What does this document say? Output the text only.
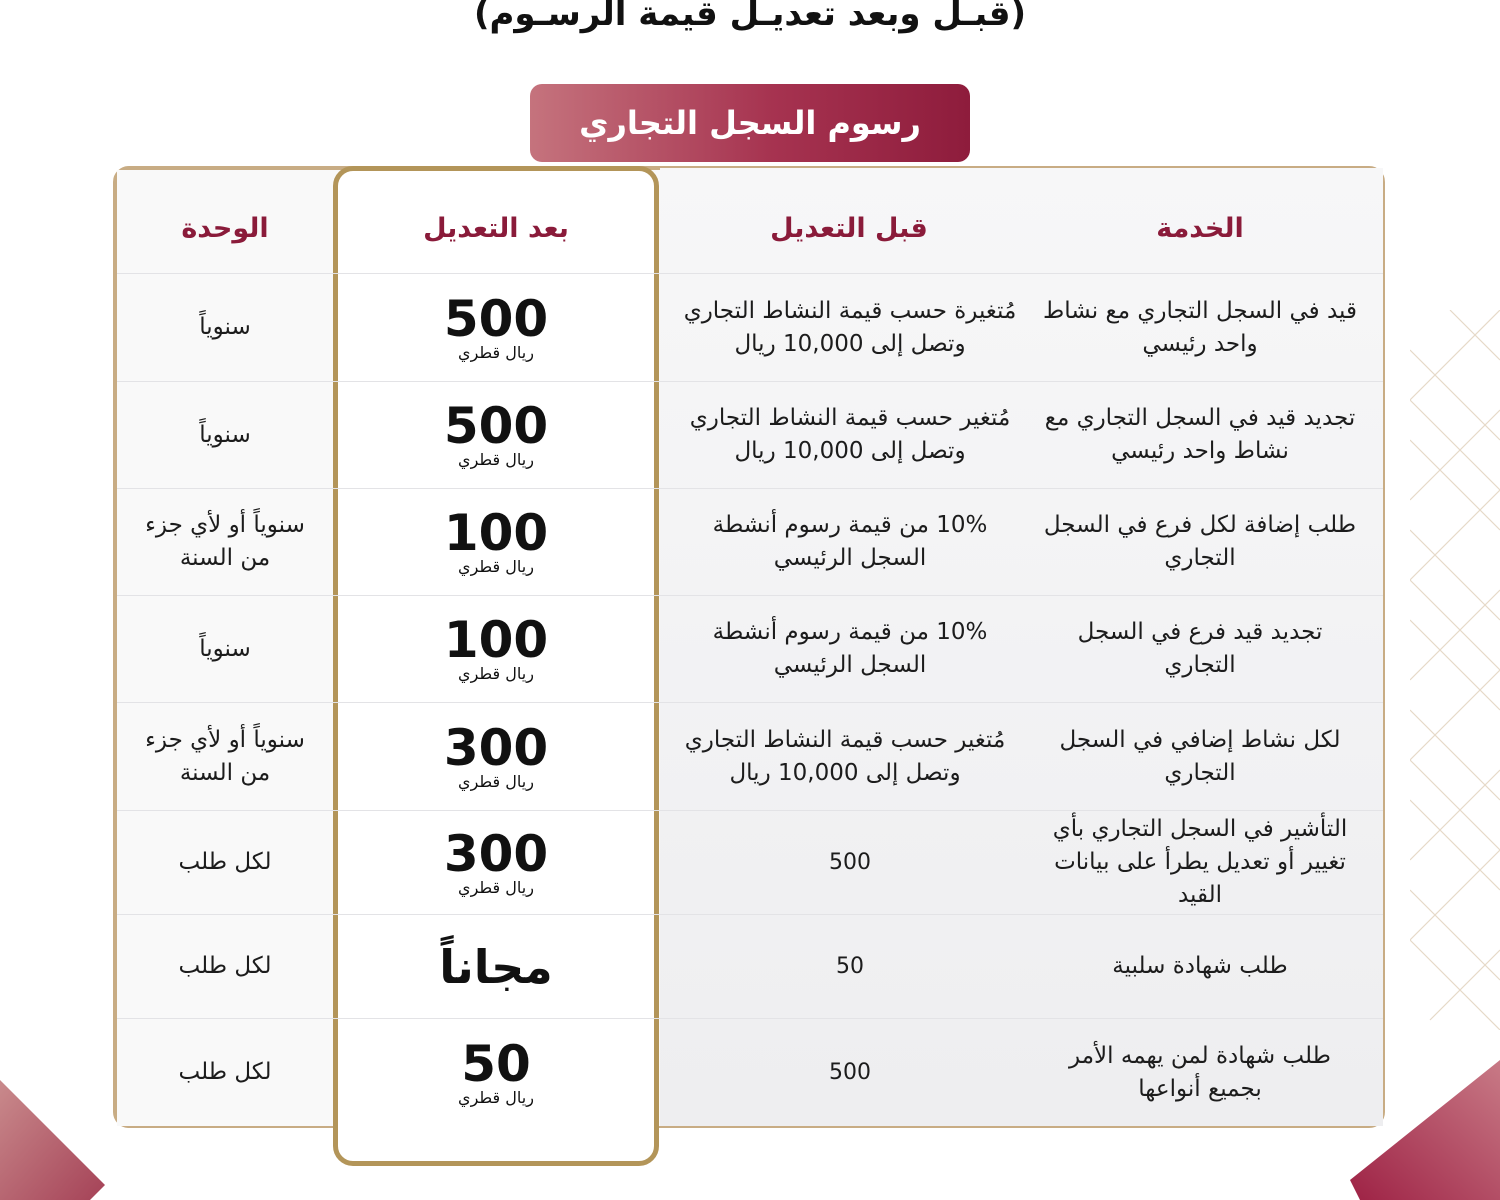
(قبـل وبعد تعديـل قيمة الرسـوم)
رسوم السجل التجاري
الخدمة
قبل التعديل
بعد التعديل
الوحدة
قيد في السجل التجاري مع نشاط واحد رئيسي
مُتغيرة حسب قيمة النشاط التجاري وتصل إلى 10,000 ريال
500
ريال قطري
سنوياً
تجديد قيد في السجل التجاري مع نشاط واحد رئيسي
مُتغير حسب قيمة النشاط التجاري وتصل إلى 10,000 ريال
500
ريال قطري
سنوياً
طلب إضافة لكل فرع في السجل التجاري
10% من قيمة رسوم أنشطة السجل الرئيسي
100
ريال قطري
سنوياً أو لأي جزء من السنة
تجديد قيد فرع في السجل التجاري
10% من قيمة رسوم أنشطة السجل الرئيسي
100
ريال قطري
سنوياً
لكل نشاط إضافي في السجل التجاري
مُتغير حسب قيمة النشاط التجاري وتصل إلى 10,000 ريال
300
ريال قطري
سنوياً أو لأي جزء من السنة
التأشير في السجل التجاري بأي تغيير أو تعديل يطرأ على بيانات القيد
500
300
ريال قطري
لكل طلب
طلب شهادة سلبية
50
مجاناً
لكل طلب
طلب شهادة لمن يهمه الأمر بجميع أنواعها
500
50
ريال قطري
لكل طلب
